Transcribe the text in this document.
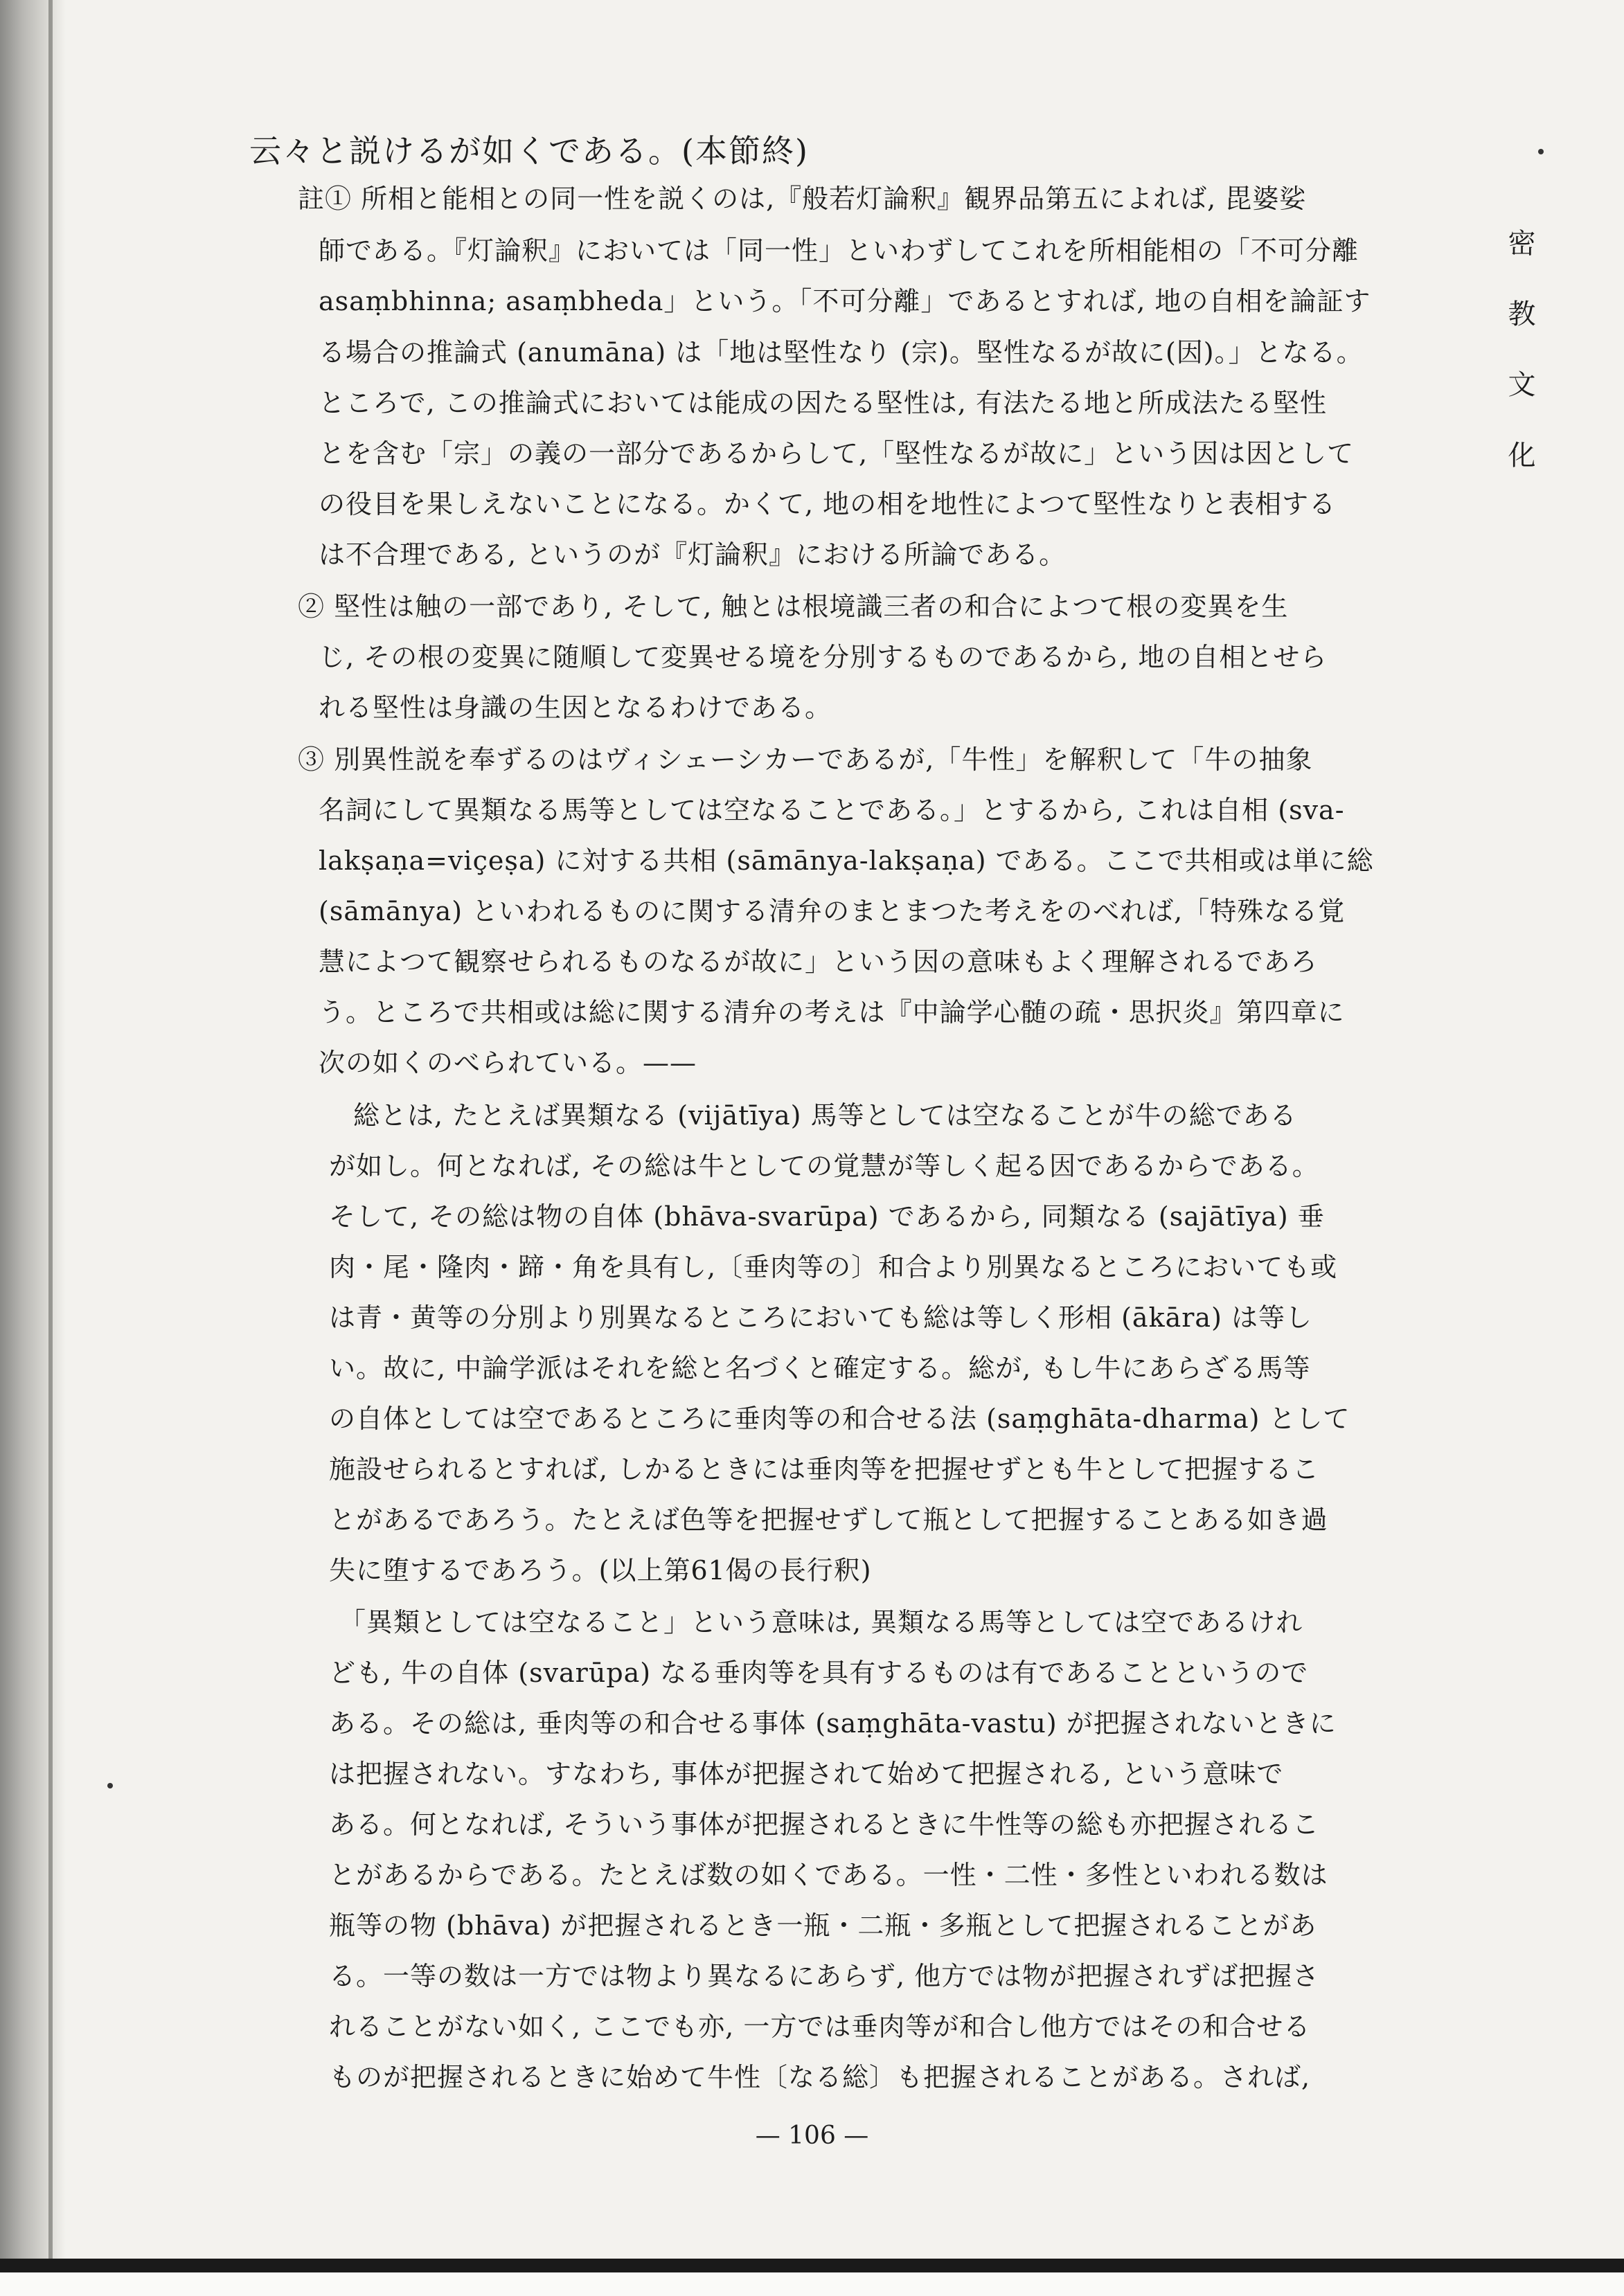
云々と説けるが如くである。(本節終)
密教文化
註① 所相と能相との同一性を説くのは,『般若灯論釈』観界品第五によれば, 毘婆娑
師である。『灯論釈』においては「同一性」といわずしてこれを所相能相の「不可分離
asaṃbhinna; asaṃbheda」という。「不可分離」であるとすれば, 地の自相を論証す
る場合の推論式 (anumāna) は「地は堅性なり (宗)。堅性なるが故に(因)。」となる。
ところで, この推論式においては能成の因たる堅性は, 有法たる地と所成法たる堅性
とを含む「宗」の義の一部分であるからして,「堅性なるが故に」という因は因として
の役目を果しえないことになる。かくて, 地の相を地性によつて堅性なりと表相する
は不合理である, というのが『灯論釈』における所論である。
② 堅性は触の一部であり, そして, 触とは根境識三者の和合によつて根の変異を生
じ, その根の変異に随順して変異せる境を分別するものであるから, 地の自相とせら
れる堅性は身識の生因となるわけである。
③ 別異性説を奉ずるのはヴィシェーシカーであるが,「牛性」を解釈して「牛の抽象
名詞にして異類なる馬等としては空なることである。」とするから, これは自相 (sva-
lakṣaṇa=viçeṣa) に対する共相 (sāmānya-lakṣaṇa) である。ここで共相或は単に総
(sāmānya) といわれるものに関する清弁のまとまつた考えをのべれば,「特殊なる覚
慧によつて観察せられるものなるが故に」という因の意味もよく理解されるであろ
う。ところで共相或は総に関する清弁の考えは『中論学心髄の疏・思択炎』第四章に
次の如くのべられている。——
総とは, たとえば異類なる (vijātīya) 馬等としては空なることが牛の総である
が如し。何となれば, その総は牛としての覚慧が等しく起る因であるからである。
そして, その総は物の自体 (bhāva-svarūpa) であるから, 同類なる (sajātīya) 垂
肉・尾・隆肉・蹄・角を具有し,〔垂肉等の〕和合より別異なるところにおいても或
は青・黄等の分別より別異なるところにおいても総は等しく形相 (ākāra) は等し
い。故に, 中論学派はそれを総と名づくと確定する。総が, もし牛にあらざる馬等
の自体としては空であるところに垂肉等の和合せる法 (saṃghāta-dharma) として
施設せられるとすれば, しかるときには垂肉等を把握せずとも牛として把握するこ
とがあるであろう。たとえば色等を把握せずして瓶として把握することある如き過
失に堕するであろう。(以上第61偈の長行釈)
「異類としては空なること」という意味は, 異類なる馬等としては空であるけれ
ども, 牛の自体 (svarūpa) なる垂肉等を具有するものは有であることというので
ある。その総は, 垂肉等の和合せる事体 (saṃghāta-vastu) が把握されないときに
は把握されない。すなわち, 事体が把握されて始めて把握される, という意味で
ある。何となれば, そういう事体が把握されるときに牛性等の総も亦把握されるこ
とがあるからである。たとえば数の如くである。一性・二性・多性といわれる数は
瓶等の物 (bhāva) が把握されるとき一瓶・二瓶・多瓶として把握されることがあ
る。一等の数は一方では物より異なるにあらず, 他方では物が把握されずば把握さ
れることがない如く, ここでも亦, 一方では垂肉等が和合し他方ではその和合せる
ものが把握されるときに始めて牛性〔なる総〕も把握されることがある。されば,
— 106 —
